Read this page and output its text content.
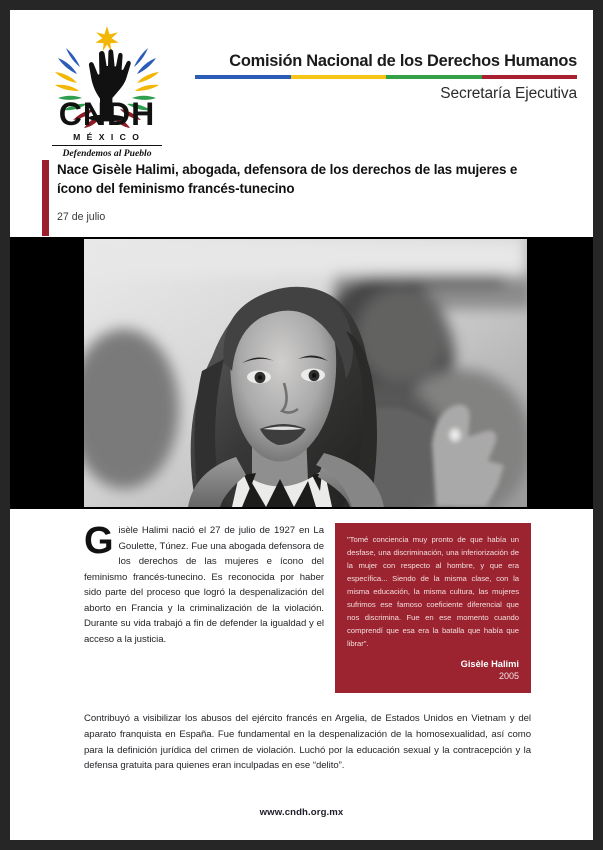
CNDH
M É X I C O
Defendemos al Pueblo
Comisión Nacional de los Derechos Humanos
Secretaría Ejecutiva
Nace Gisèle Halimi, abogada, defensora de los derechos de las mujeres e ícono del feminismo francés-tunecino
27 de julio

Gisèle Halimi nació el 27 de julio de 1927 en La Goulette, Túnez. Fue una abogada defensora de los derechos de las mujeres e ícono del feminismo francés-tunecino. Es reconocida por haber sido parte del proceso que logró la despenalización del aborto en Francia y la criminalización de la violación. Durante su vida trabajó a fin de defender la igualdad y el acceso a la justicia.

"Tomé conciencia muy pronto de que había un desfase, una discriminación, una inferiorización de la mujer con respecto al hombre, y que era específica... Siendo de la misma clase, con la misma educación, la misma cultura, las mujeres sufrimos ese famoso coeficiente diferencial que nos discrimina. Fue en ese momento cuando comprendí que esa era la batalla que había que librar".
Gisèle Halimi
2005

Contribuyó a visibilizar los abusos del ejército francés en Argelia, de Estados Unidos en Vietnam y del aparato franquista en España. Fue fundamental en la despenalización de la homosexualidad, así como para la definición jurídica del crimen de violación. Luchó por la educación sexual y la contracepción y la defensa gratuita para quienes eran inculpadas en ese “delito”.

www.cndh.org.mx
